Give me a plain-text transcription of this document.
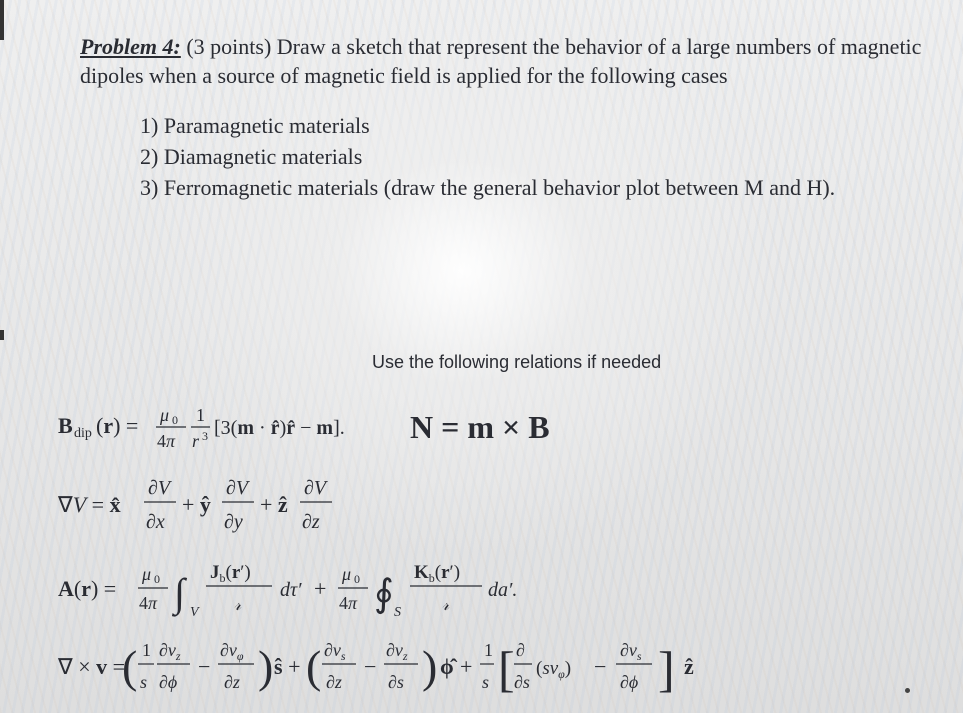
Problem 4: (3 points) Draw a sketch that represent the behavior of a large numbers of magnetic dipoles when a source of magnetic field is applied for the following cases
1) Paramagnetic materials
2) Diamagnetic materials
3) Ferromagnetic materials (draw the general behavior plot between M and H).
Use the following relations if needed
B dip (r) = μ 0
4π
1
r 3 [3(m · r̂)r̂ − m]. N = m × B
∇V = x̂
∂V
∂x
+ ŷ
∂V
∂y
+ ẑ
∂V
∂z
A(r) =
μ 0
4π ∫ V
$J_b(r')$
𝓇
dτ′ +
μ 0
4π ∮ S
$K_b(r')$
𝓇
da′.
∇ × v =
( 1
s
$\partial v_z$
∂ϕ
−
$\partial v_\varphi$
∂z ) ŝ + ( $\partial v_s$
∂z
−
$\partial v_z$
∂s ) ϕ̂ +
1
s [ ∂
∂s
$(sv_\varphi)$ −
$\partial v_s$
∂ϕ ] ẑ
